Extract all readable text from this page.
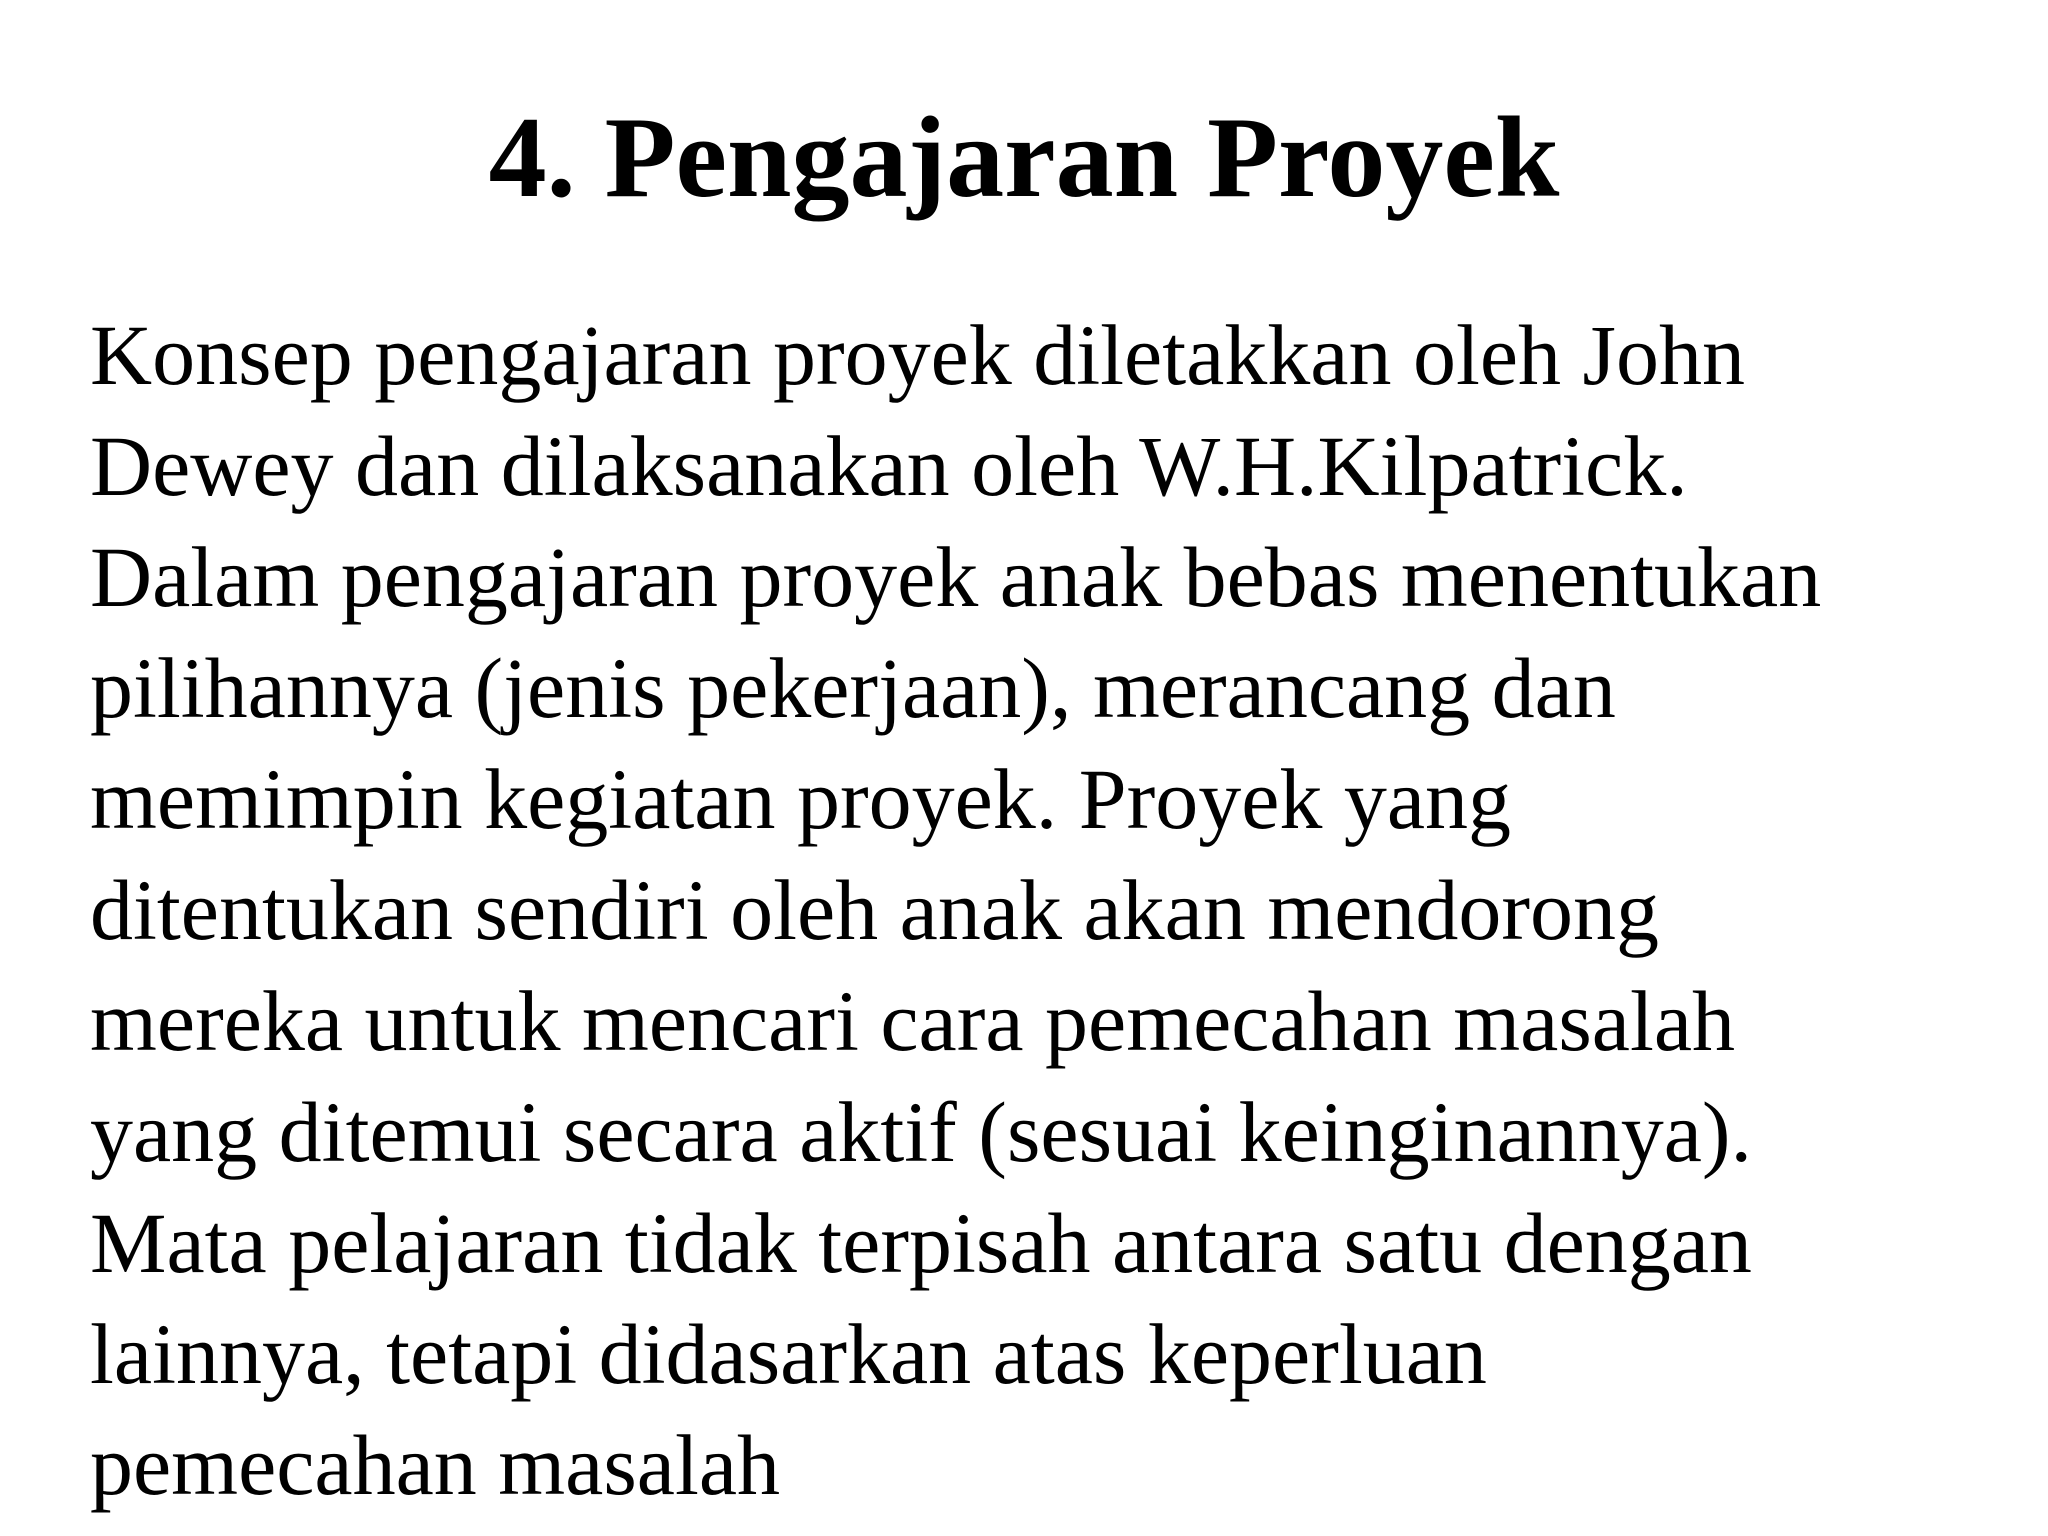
4. Pengajaran Proyek
Konsep pengajaran proyek diletakkan oleh John
Dewey dan dilaksanakan oleh W.H.Kilpatrick.
Dalam pengajaran proyek anak bebas menentukan
pilihannya (jenis pekerjaan), merancang dan
memimpin kegiatan proyek. Proyek yang
ditentukan sendiri oleh anak akan mendorong
mereka untuk mencari cara pemecahan masalah
yang ditemui secara aktif (sesuai keinginannya).
Mata pelajaran tidak terpisah antara satu dengan
lainnya, tetapi didasarkan atas keperluan
pemecahan masalah
